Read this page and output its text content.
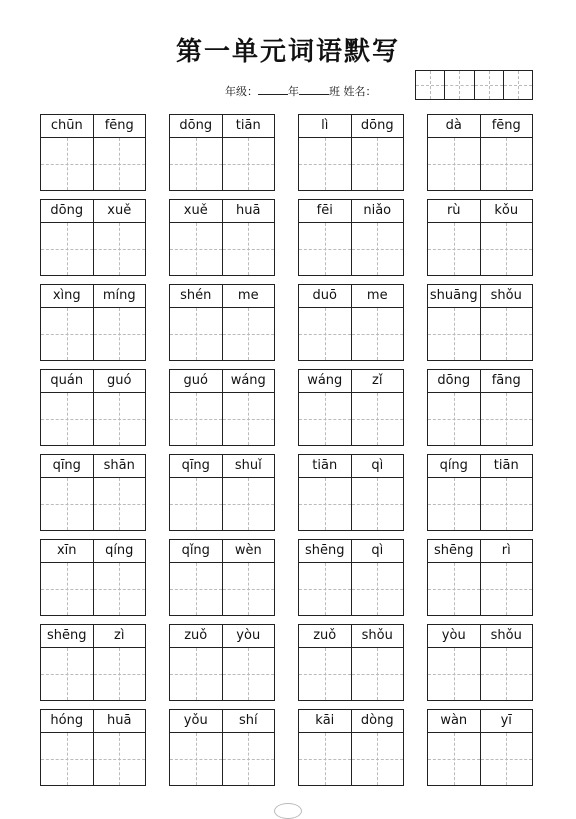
第一单元词语默写
年级：	年	班 姓名：
chūn	fēng	dōng	tiān	lì	dōng	dà	fēng
dōng	xuě	xuě	huā	fēi	niǎo	rù	kǒu
xìng	míng	shén	me	duō	me	shuāng	shǒu
quán	guó	guó	wáng	wáng	zǐ	dōng	fāng
qīng	shān	qīng	shuǐ	tiān	qì	qíng	tiān
xīn	qíng	qǐng	wèn	shēng	qì	shēng	rì
shēng	zì	zuǒ	yòu	zuǒ	shǒu	yòu	shǒu
hóng	huā	yǒu	shí	kāi	dòng	wàn	yī
